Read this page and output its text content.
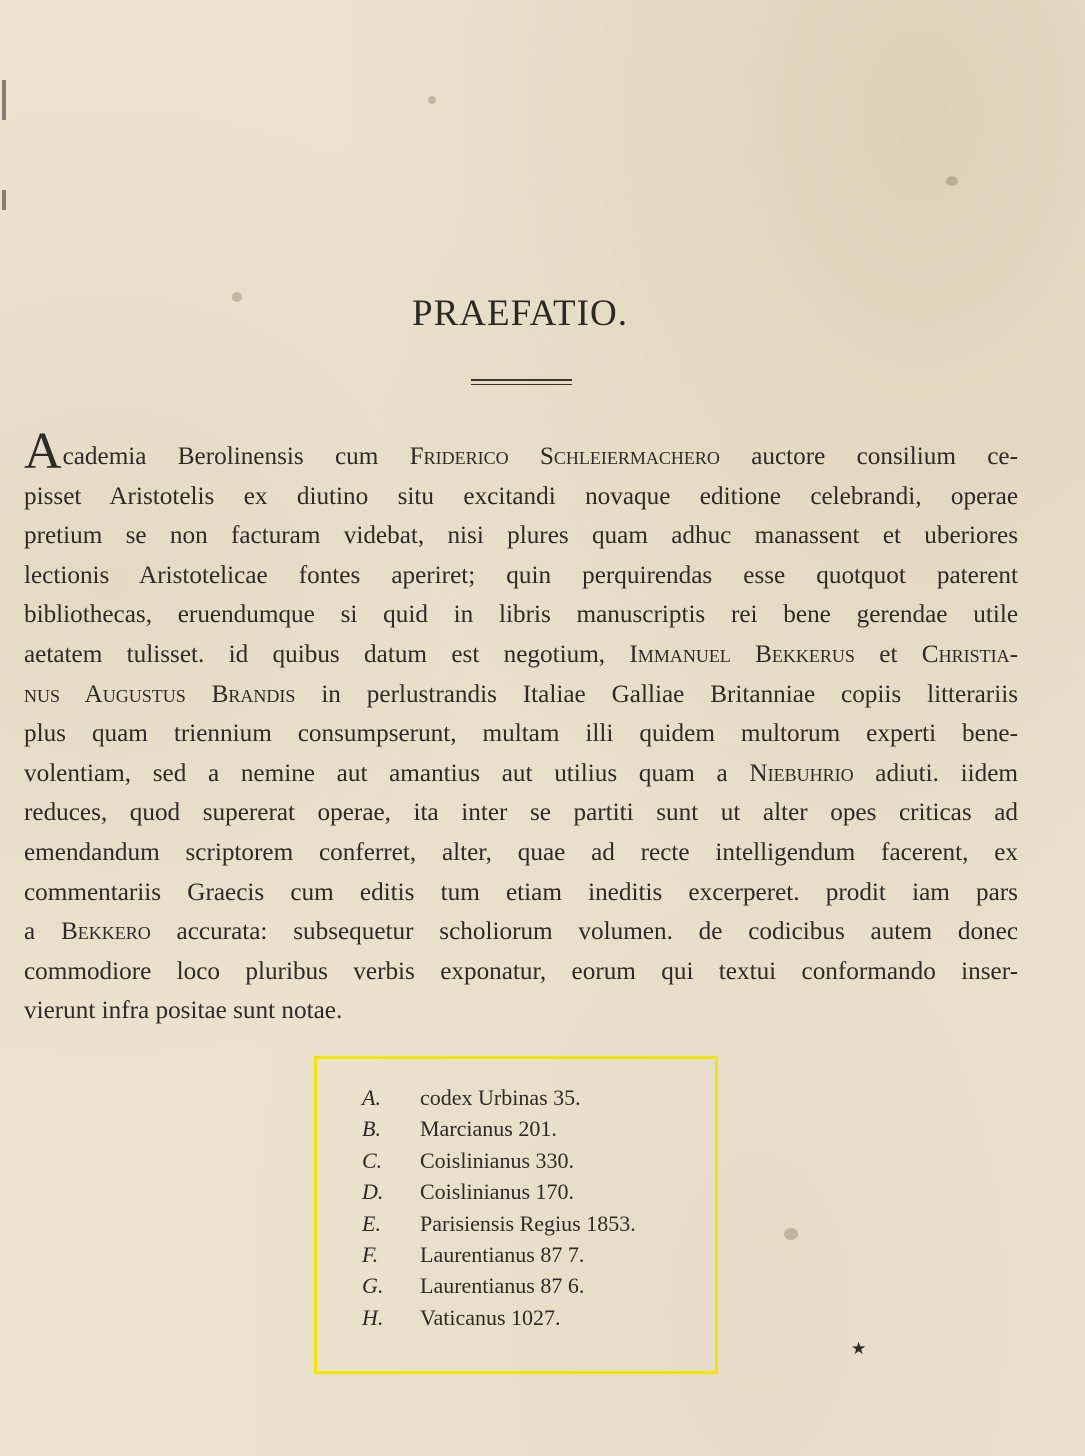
PRAEFATIO.
Academia Berolinensis cum Friderico Schleiermachero auctore consilium ce-
pisset Aristotelis ex diutino situ excitandi novaque editione celebrandi, operae
pretium se non facturam videbat, nisi plures quam adhuc manassent et uberiores
lectionis Aristotelicae fontes aperiret; quin perquirendas esse quotquot paterent
bibliothecas, eruendumque si quid in libris manuscriptis rei bene gerendae utile
aetatem tulisset. id quibus datum est negotium, Immanuel Bekkerus et Christia-
nus Augustus Brandis in perlustrandis Italiae Galliae Britanniae copiis litterariis
plus quam triennium consumpserunt, multam illi quidem multorum experti bene-
volentiam, sed a nemine aut amantius aut utilius quam a Niebuhrio adiuti. iidem
reduces, quod supererat operae, ita inter se partiti sunt ut alter opes criticas ad
emendandum scriptorem conferret, alter, quae ad recte intelligendum facerent, ex
commentariis Graecis cum editis tum etiam ineditis excerperet. prodit iam pars
a Bekkero accurata: subsequetur scholiorum volumen. de codicibus autem donec
commodiore loco pluribus verbis exponatur, eorum qui textui conformando inser-
vierunt infra positae sunt notae.
A.	codex Urbinas 35.
B.	Marcianus 201.
C.	Coislinianus 330.
D.	Coislinianus 170.
E.	Parisiensis Regius 1853.
F.	Laurentianus 87 7.
G.	Laurentianus 87 6.
H.	Vaticanus 1027.
★
